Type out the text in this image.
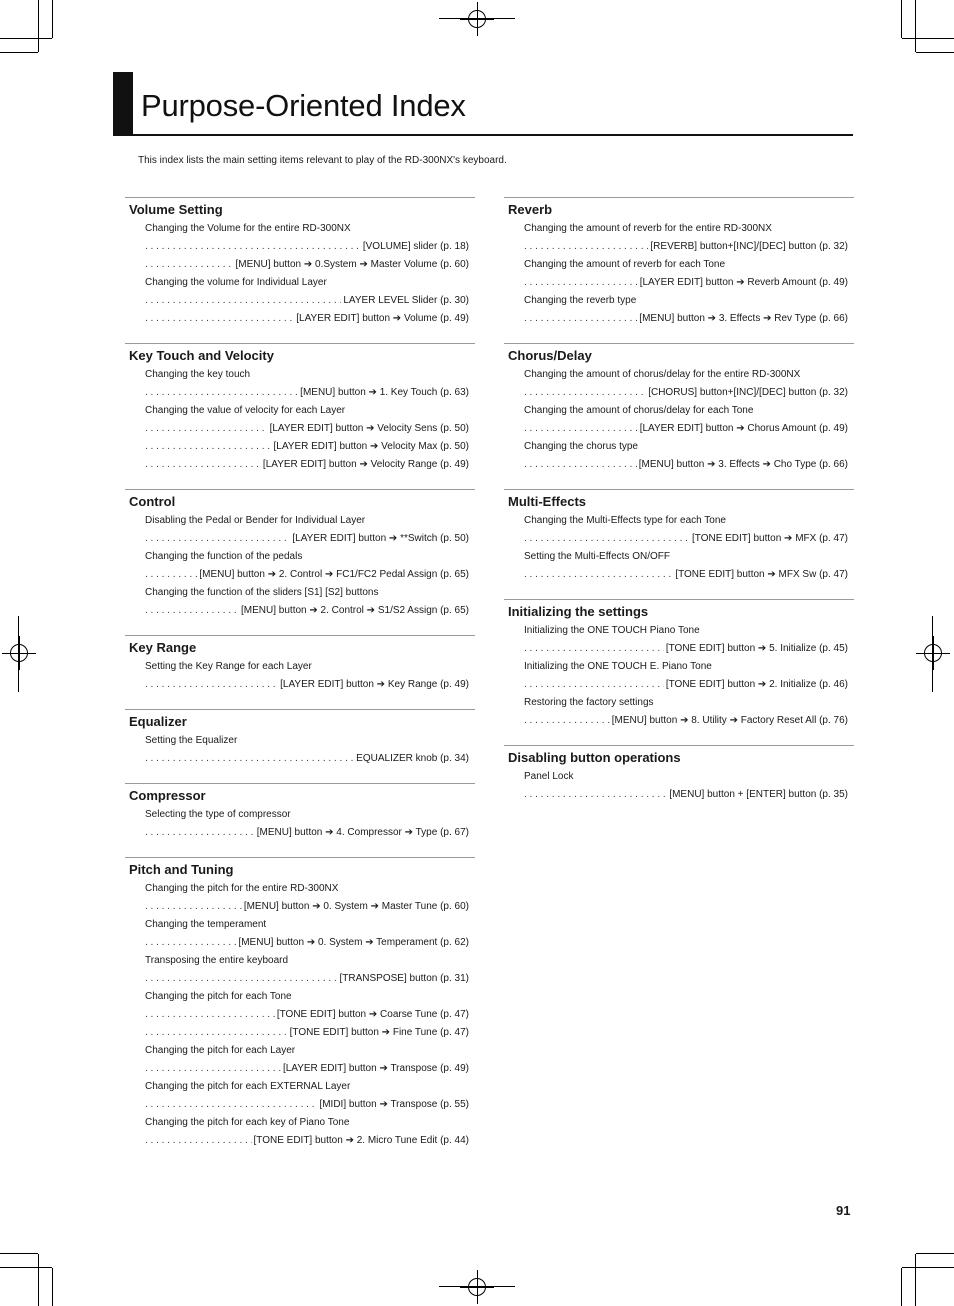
Purpose-Oriented Index

This index lists the main setting items relevant to play of the RD-300NX's keyboard.

Volume Setting
Changing the Volume for the entire RD-300NX
. . .
[VOLUME] slider (p. 18)
. . .
[MENU] button ➔ 0.System ➔ Master Volume (p. 60)
Changing the volume for Individual Layer
. . .
LAYER LEVEL Slider (p. 30)
. . .
[LAYER EDIT] button ➔ Volume (p. 49)
Key Touch and Velocity
Changing the key touch
. . .
[MENU] button ➔ 1. Key Touch (p. 63)
Changing the value of velocity for each Layer
. . .
[LAYER EDIT] button ➔ Velocity Sens (p. 50)
. . .
[LAYER EDIT] button ➔ Velocity Max (p. 50)
. . .
[LAYER EDIT] button ➔ Velocity Range (p. 49)
Control
Disabling the Pedal or Bender for Individual Layer
. . .
[LAYER EDIT] button ➔ **Switch (p. 50)
Changing the function of the pedals
. . .
[MENU] button ➔ 2. Control ➔ FC1/FC2 Pedal Assign (p. 65)
Changing the function of the sliders [S1] [S2] buttons
. . .
[MENU] button ➔ 2. Control ➔ S1/S2 Assign (p. 65)
Key Range
Setting the Key Range for each Layer
. . .
[LAYER EDIT] button ➔ Key Range (p. 49)
Equalizer
Setting the Equalizer
. . .
EQUALIZER knob (p. 34)
Compressor
Selecting the type of compressor
. . .
[MENU] button ➔ 4. Compressor ➔ Type (p. 67)
Pitch and Tuning
Changing the pitch for the entire RD-300NX
. . .
[MENU] button ➔ 0. System ➔ Master Tune (p. 60)
Changing the temperament
. . .
[MENU] button ➔ 0. System ➔ Temperament (p. 62)
Transposing the entire keyboard
. . .
[TRANSPOSE] button (p. 31)
Changing the pitch for each Tone
. . .
[TONE EDIT] button ➔ Coarse Tune (p. 47)
. . .
[TONE EDIT] button ➔ Fine Tune (p. 47)
Changing the pitch for each Layer
. . .
[LAYER EDIT] button ➔ Transpose (p. 49)
Changing the pitch for each EXTERNAL Layer
. . .
[MIDI] button ➔ Transpose (p. 55)
Changing the pitch for each key of Piano Tone
. . .
[TONE EDIT] button ➔ 2. Micro Tune Edit (p. 44)
Reverb
Changing the amount of reverb for the entire RD-300NX
. . .
[REVERB] button+[INC]/[DEC] button (p. 32)
Changing the amount of reverb for each Tone
. . .
[LAYER EDIT] button ➔ Reverb Amount (p. 49)
Changing the reverb type
. . .
[MENU] button ➔ 3. Effects ➔ Rev Type (p. 66)
Chorus/Delay
Changing the amount of chorus/delay for the entire RD-300NX
. . .
[CHORUS] button+[INC]/[DEC] button (p. 32)
Changing the amount of chorus/delay for each Tone
. . .
[LAYER EDIT] button ➔ Chorus Amount (p. 49)
Changing the chorus type
. . .
[MENU] button ➔ 3. Effects ➔ Cho Type (p. 66)
Multi-Effects
Changing the Multi-Effects type for each Tone
. . .
[TONE EDIT] button ➔ MFX (p. 47)
Setting the Multi-Effects ON/OFF
. . .
[TONE EDIT] button ➔ MFX Sw (p. 47)
Initializing the settings
Initializing the ONE TOUCH Piano Tone
. . .
[TONE EDIT] button ➔ 5. Initialize (p. 45)
Initializing the ONE TOUCH E. Piano Tone
. . .
[TONE EDIT] button ➔ 2. Initialize (p. 46)
Restoring the factory settings
. . .
[MENU] button ➔ 8. Utility ➔ Factory Reset All (p. 76)
Disabling button operations
Panel Lock
. . .
[MENU] button + [ENTER] button (p. 35)
91
